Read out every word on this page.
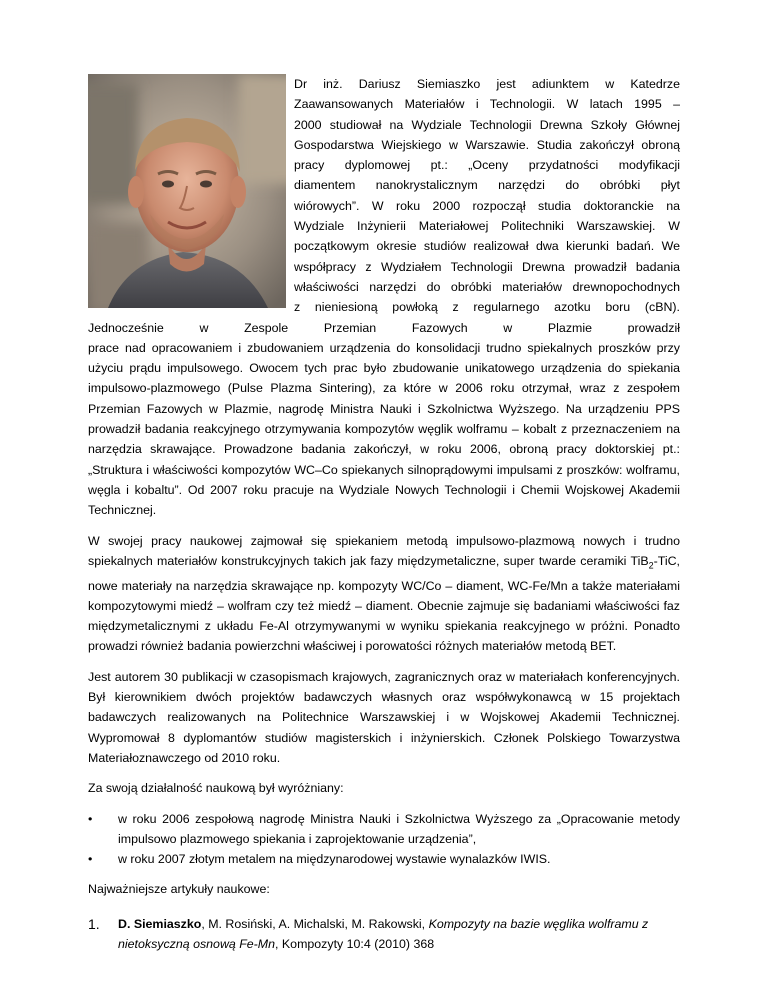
Dr inż. Dariusz Siemiaszko jest adiunktem w Katedrze
Zaawansowanych Materiałów i Technologii. W latach 1995 –
2000 studiował na Wydziale Technologii Drewna Szkoły Głównej
Gospodarstwa Wiejskiego w Warszawie. Studia zakończył obroną
pracy dyplomowej pt.: „Oceny przydatności modyfikacji
diamentem nanokrystalicznym narzędzi do obróbki płyt
wiórowych”. W roku 2000 rozpoczął studia doktoranckie na
Wydziale Inżynierii Materiałowej Politechniki Warszawskiej. W
początkowym okresie studiów realizował dwa kierunki badań. We
współpracy z Wydziałem Technologii Drewna prowadził badania
właściwości narzędzi do obróbki materiałów drewnopochodnych
z nieniesioną powłoką z regularnego azotku boru (cBN).
Jednocześnie w Zespole Przemian Fazowych w Plazmie prowadził

prace nad opracowaniem i zbudowaniem urządzenia do konsolidacji trudno spiekalnych proszków przy użyciu prądu impulsowego. Owocem tych prac było zbudowanie unikatowego urządzenia do spiekania impulsowo-plazmowego (Pulse Plazma Sintering), za które w 2006 roku otrzymał, wraz z zespołem Przemian Fazowych w Plazmie, nagrodę Ministra Nauki i Szkolnictwa Wyższego. Na urządzeniu PPS prowadził badania reakcyjnego otrzymywania kompozytów węglik wolframu – kobalt z przeznaczeniem na narzędzia skrawające. Prowadzone badania zakończył, w roku 2006, obroną pracy doktorskiej pt.: „Struktura i właściwości kompozytów WC–Co spiekanych silnoprądowymi impulsami z proszków: wolframu, węgla i kobaltu”. Od 2007 roku pracuje na Wydziale Nowych Technologii i Chemii Wojskowej Akademii Technicznej.

W swojej pracy naukowej zajmował się spiekaniem metodą impulsowo-plazmową nowych i trudno spiekalnych materiałów konstrukcyjnych takich jak fazy międzymetaliczne, super twarde ceramiki TiB$_2$-TiC, nowe materiały na narzędzia skrawające np. kompozyty WC/Co – diament, WC-Fe/Mn a także materiałami kompozytowymi miedź – wolfram czy też miedź – diament. Obecnie zajmuje się badaniami właściwości faz międzymetalicznymi z układu Fe-Al otrzymywanymi w wyniku spiekania reakcyjnego w próżni. Ponadto prowadzi również badania powierzchni właściwej i porowatości różnych materiałów metodą BET.

Jest autorem 30 publikacji w czasopismach krajowych, zagranicznych oraz w materiałach konferencyjnych. Był kierownikiem dwóch projektów badawczych własnych oraz współwykonawcą w 15 projektach badawczych realizowanych na Politechnice Warszawskiej i w Wojskowej Akademii Technicznej. Wypromował 8 dyplomantów studiów magisterskich i inżynierskich. Członek Polskiego Towarzystwa Materiałoznawczego od 2010 roku.

Za swoją działalność naukową był wyróżniany:

• w roku 2006 zespołową nagrodę Ministra Nauki i Szkolnictwa Wyższego za „Opracowanie metody impulsowo plazmowego spiekania i zaprojektowanie urządzenia”,
• w roku 2007 złotym metalem na międzynarodowej wystawie wynalazków IWIS.

Najważniejsze artykuły naukowe:

1. D. Siemiaszko, M. Rosiński, A. Michalski, M. Rakowski, Kompozyty na bazie węglika wolframu z nietoksyczną osnową Fe-Mn, Kompozyty 10:4 (2010) 368
